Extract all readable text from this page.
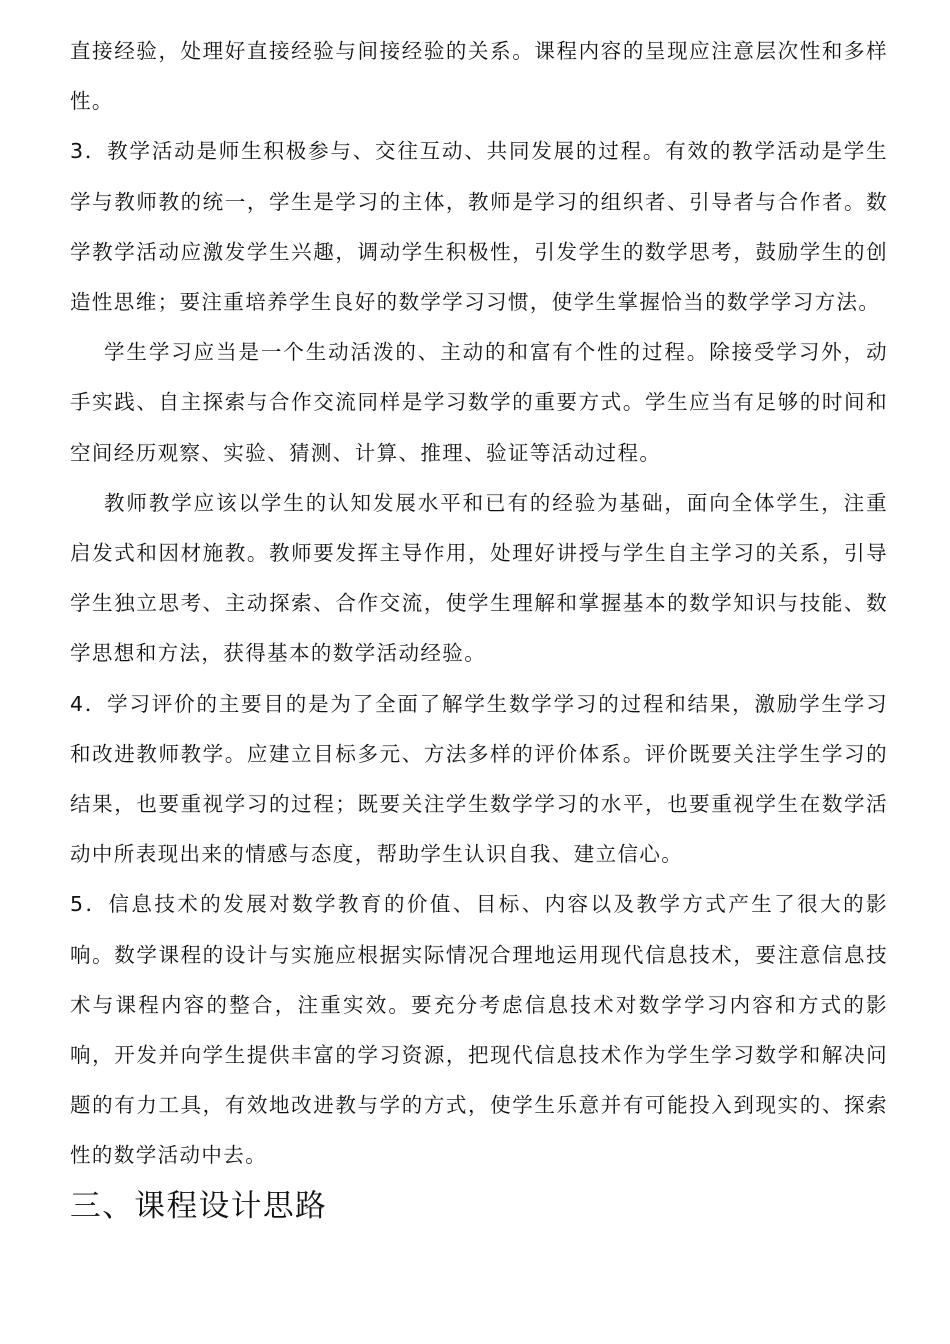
直接经验，处理好直接经验与间接经验的关系。课程内容的呈现应注意层次性和多样性。

3．教学活动是师生积极参与、交往互动、共同发展的过程。有效的教学活动是学生学与教师教的统一，学生是学习的主体，教师是学习的组织者、引导者与合作者。数学教学活动应激发学生兴趣，调动学生积极性，引发学生的数学思考，鼓励学生的创造性思维；要注重培养学生良好的数学学习习惯，使学生掌握恰当的数学学习方法。

学生学习应当是一个生动活泼的、主动的和富有个性的过程。除接受学习外，动手实践、自主探索与合作交流同样是学习数学的重要方式。学生应当有足够的时间和空间经历观察、实验、猜测、计算、推理、验证等活动过程。

教师教学应该以学生的认知发展水平和已有的经验为基础，面向全体学生，注重启发式和因材施教。教师要发挥主导作用，处理好讲授与学生自主学习的关系，引导学生独立思考、主动探索、合作交流，使学生理解和掌握基本的数学知识与技能、数学思想和方法，获得基本的数学活动经验。

4．学习评价的主要目的是为了全面了解学生数学学习的过程和结果，激励学生学习和改进教师教学。应建立目标多元、方法多样的评价体系。评价既要关注学生学习的结果，也要重视学习的过程；既要关注学生数学学习的水平，也要重视学生在数学活动中所表现出来的情感与态度，帮助学生认识自我、建立信心。

5．信息技术的发展对数学教育的价值、目标、内容以及教学方式产生了很大的影响。数学课程的设计与实施应根据实际情况合理地运用现代信息技术，要注意信息技术与课程内容的整合，注重实效。要充分考虑信息技术对数学学习内容和方式的影响，开发并向学生提供丰富的学习资源，把现代信息技术作为学生学习数学和解决问题的有力工具，有效地改进教与学的方式，使学生乐意并有可能投入到现实的、探索性的数学活动中去。

三、课程设计思路
